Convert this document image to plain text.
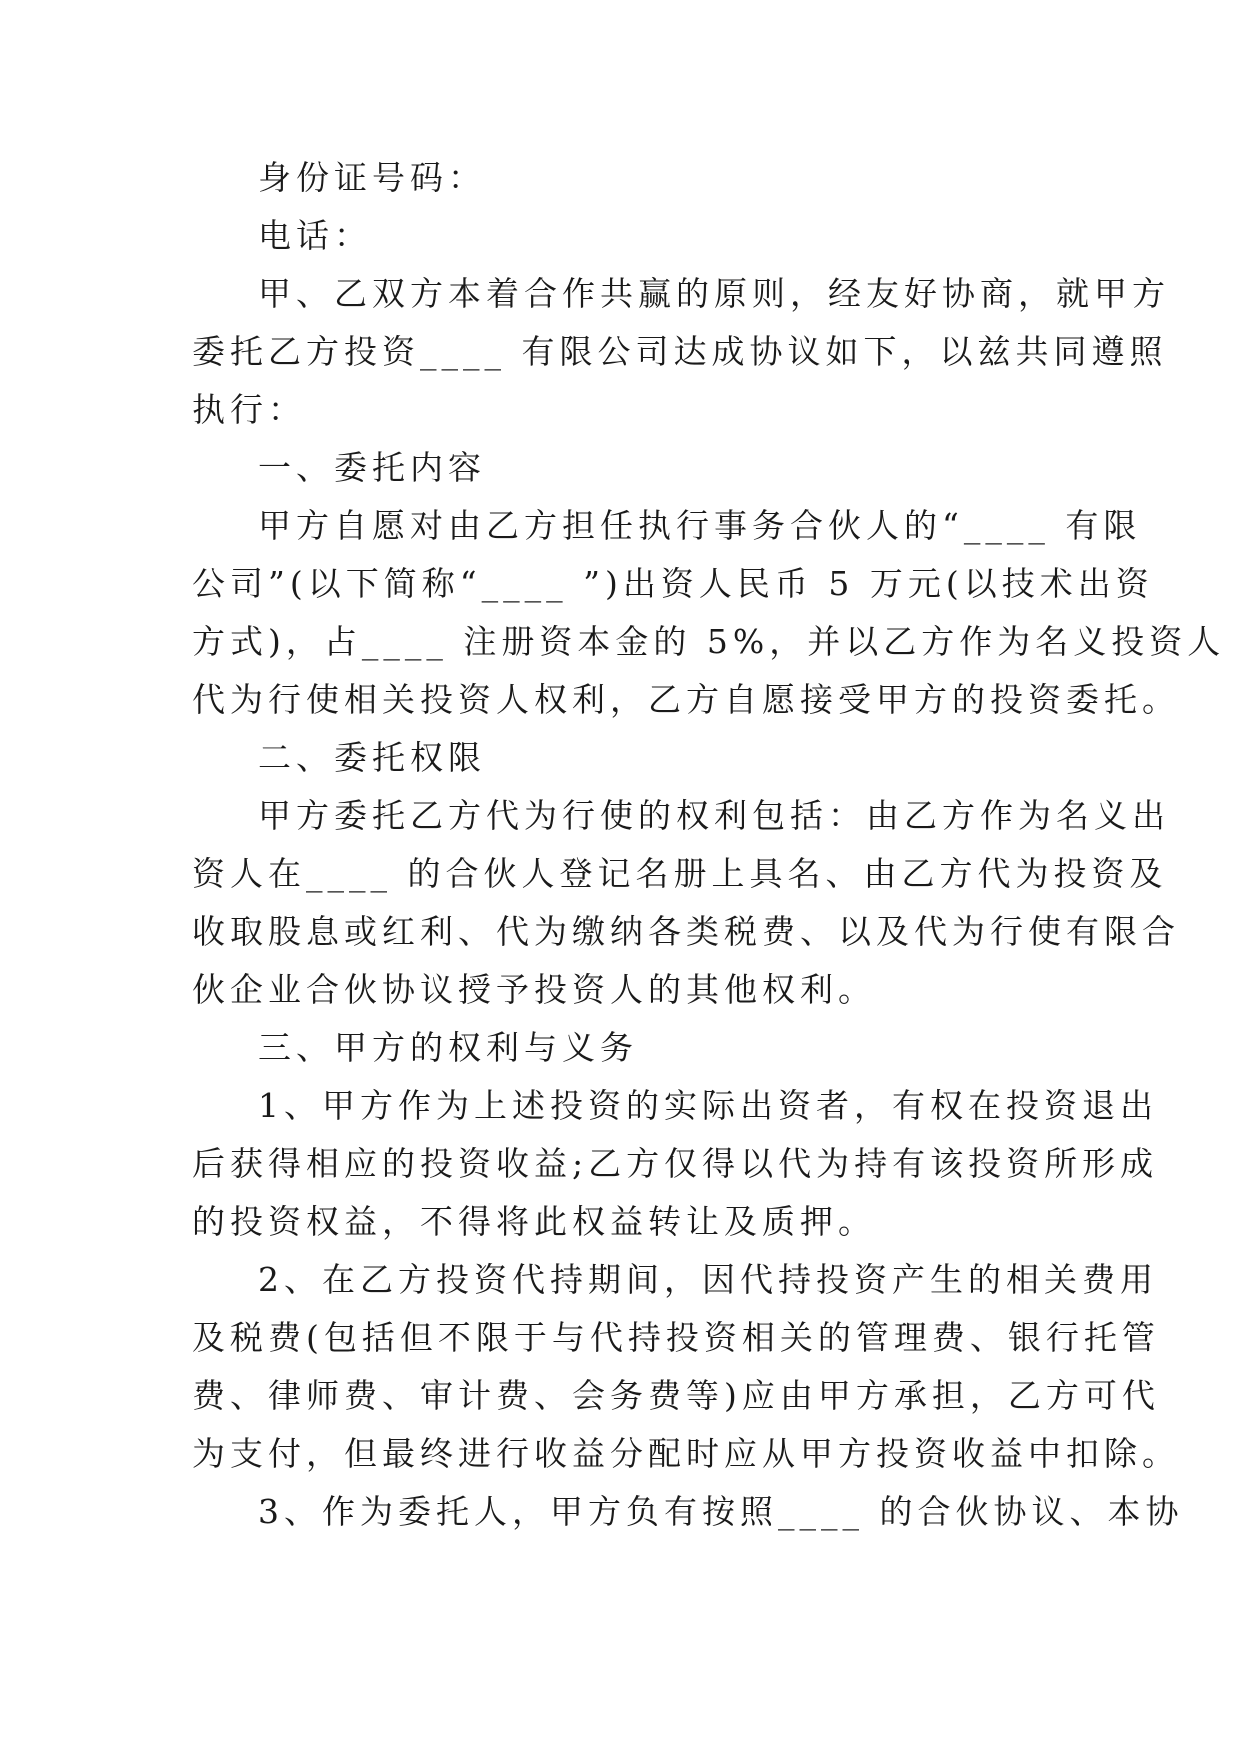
身份证号码：
电话：
甲、乙双方本着合作共赢的原则，经友好协商，就甲方
委托乙方投资____ 有限公司达成协议如下，以兹共同遵照
执行：
一、委托内容
甲方自愿对由乙方担任执行事务合伙人的“____ 有限
公司”(以下简称“____ ”)出资人民币 5 万元(以技术出资
方式)，占____ 注册资本金的 5%，并以乙方作为名义投资人
代为行使相关投资人权利，乙方自愿接受甲方的投资委托。
二、委托权限
甲方委托乙方代为行使的权利包括：由乙方作为名义出
资人在____ 的合伙人登记名册上具名、由乙方代为投资及
收取股息或红利、代为缴纳各类税费、以及代为行使有限合
伙企业合伙协议授予投资人的其他权利。
三、甲方的权利与义务
1、甲方作为上述投资的实际出资者，有权在投资退出
后获得相应的投资收益;乙方仅得以代为持有该投资所形成
的投资权益，不得将此权益转让及质押。
2、在乙方投资代持期间，因代持投资产生的相关费用
及税费(包括但不限于与代持投资相关的管理费、银行托管
费、律师费、审计费、会务费等)应由甲方承担，乙方可代
为支付，但最终进行收益分配时应从甲方投资收益中扣除。
3、作为委托人，甲方负有按照____ 的合伙协议、本协
